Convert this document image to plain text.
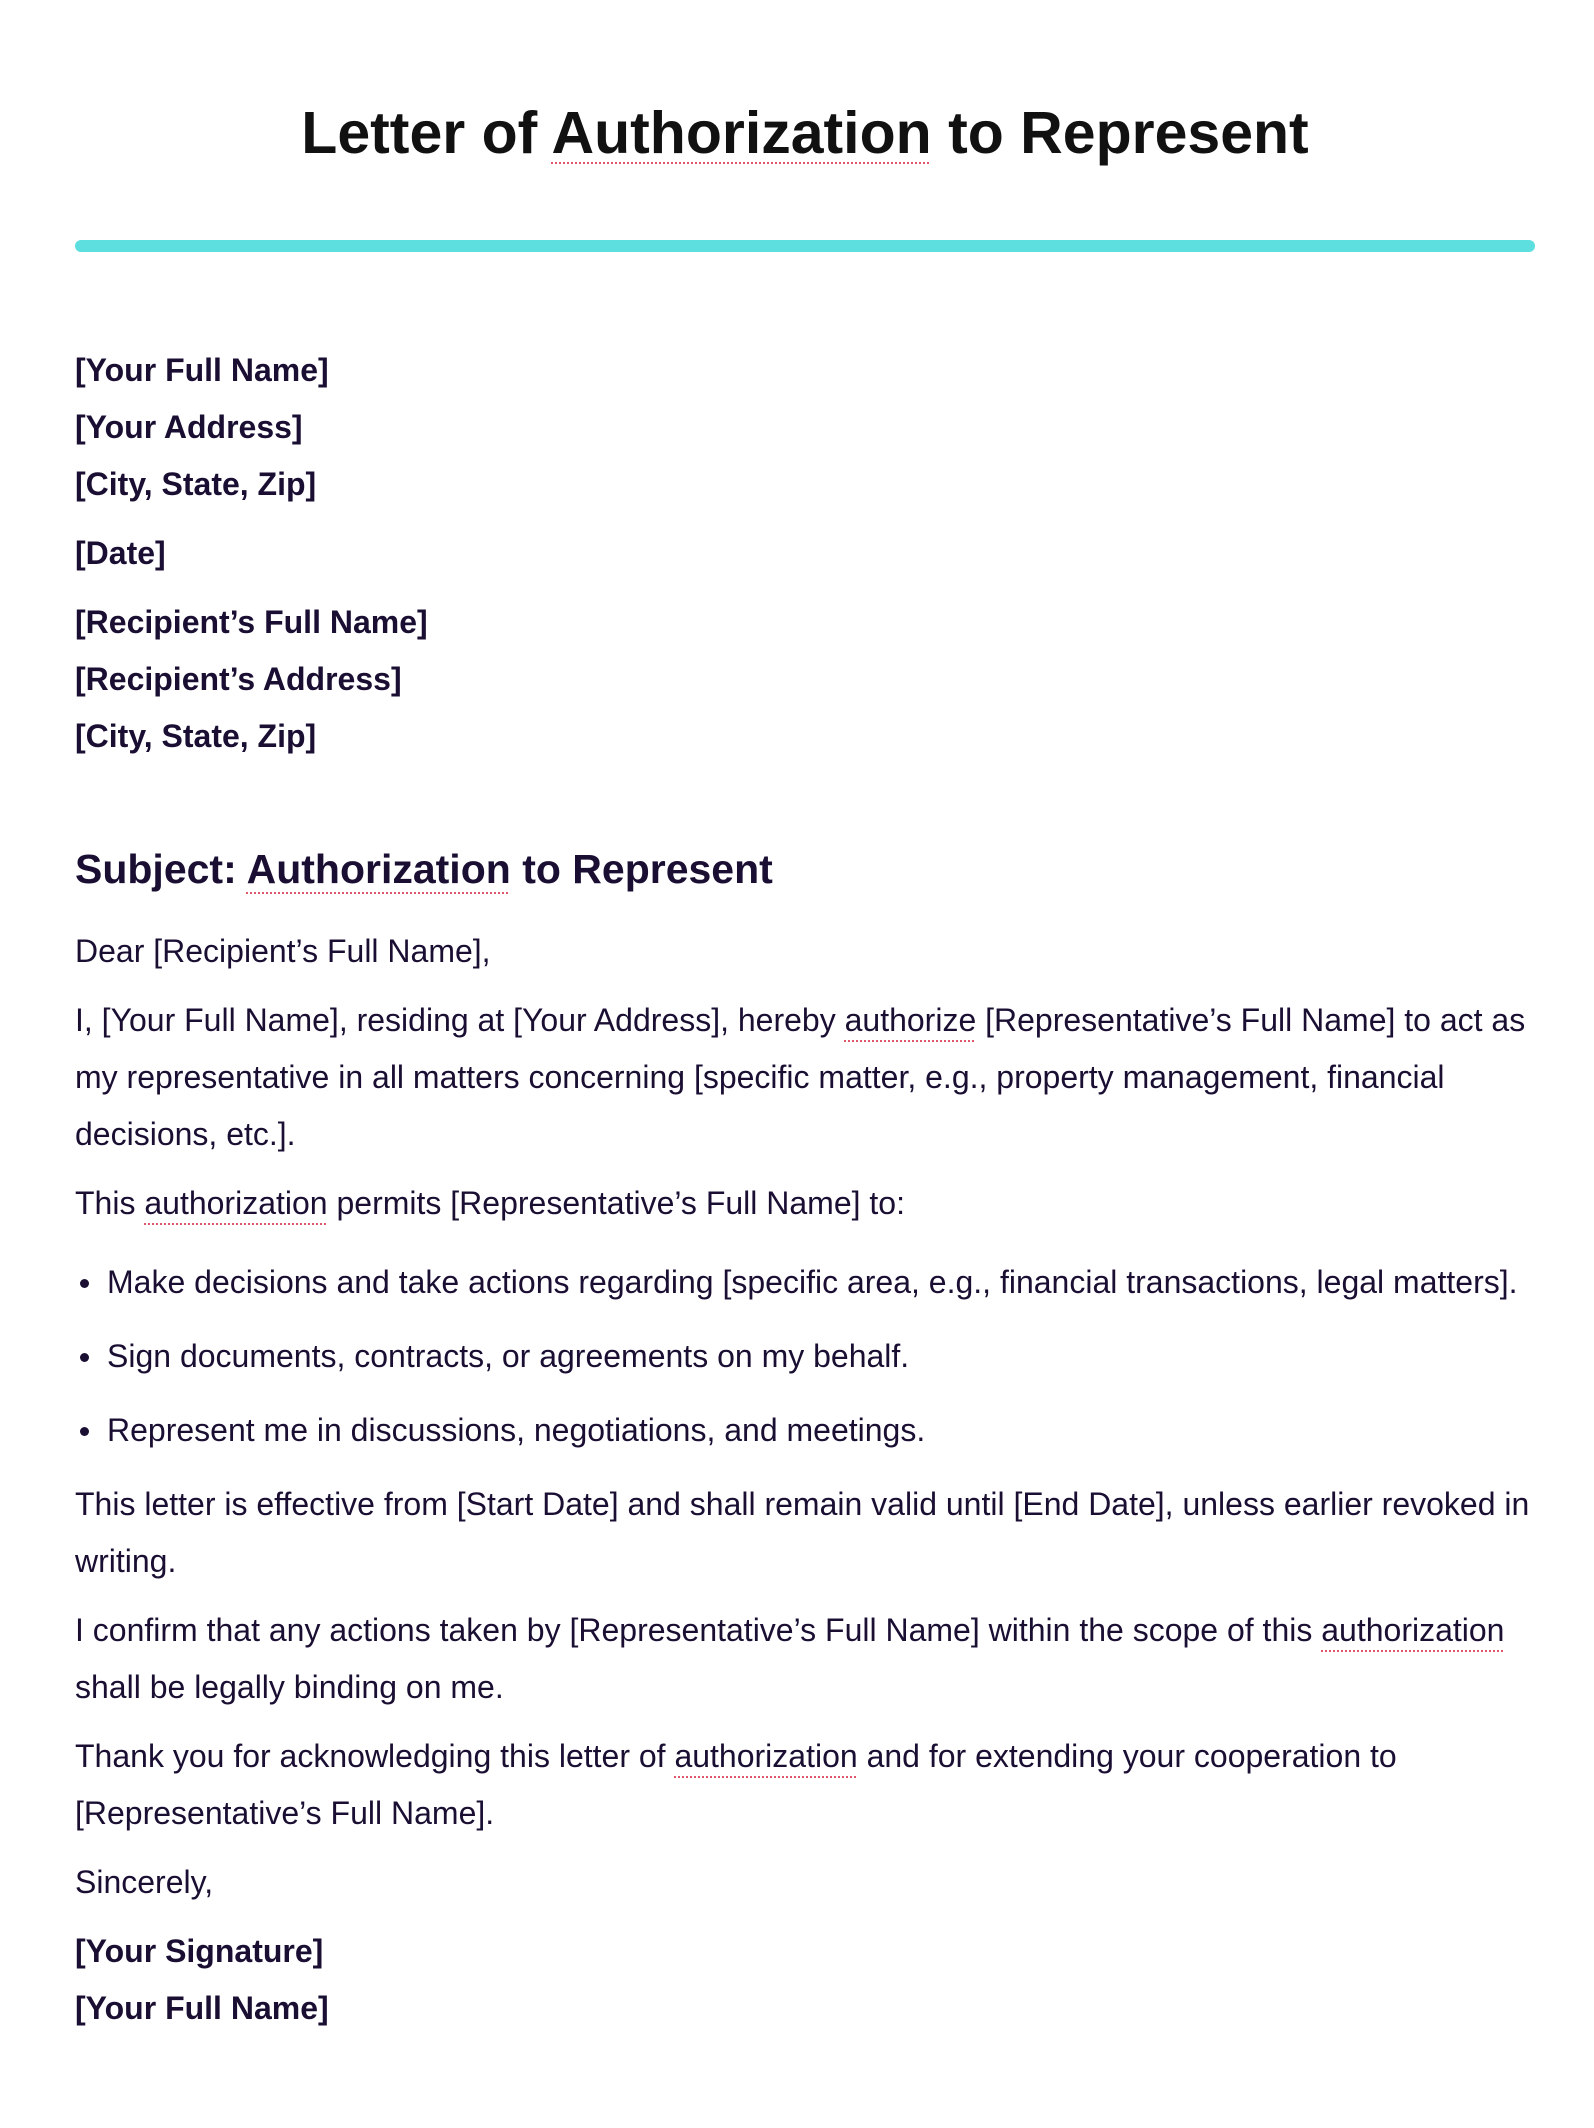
Letter of Authorization to Represent

[Your Full Name]

[Your Address]

[City, State, Zip]

[Date]

[Recipient’s Full Name]

[Recipient’s Address]

[City, State, Zip]

Subject: Authorization to Represent

Dear [Recipient’s Full Name],

I, [Your Full Name], residing at [Your Address], hereby authorize [Representative’s Full Name] to act as my representative in all matters concerning [specific matter, e.g., property management, financial decisions, etc.].

This authorization permits [Representative’s Full Name] to:

Make decisions and take actions regarding [specific area, e.g., financial transactions, legal matters].
Sign documents, contracts, or agreements on my behalf.
Represent me in discussions, negotiations, and meetings.

This letter is effective from [Start Date] and shall remain valid until [End Date], unless earlier revoked in writing.

I confirm that any actions taken by [Representative’s Full Name] within the scope of this authorization shall be legally binding on me.

Thank you for acknowledging this letter of authorization and for extending your cooperation to [Representative’s Full Name].

Sincerely,

[Your Signature]

[Your Full Name]
